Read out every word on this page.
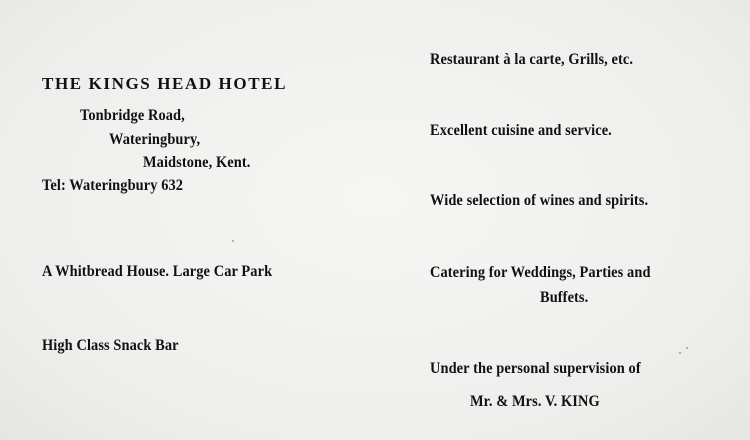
THE KINGS HEAD HOTEL
Tonbridge Road,
Wateringbury,
Maidstone, Kent.
Tel: Wateringbury 632
A Whitbread House. Large Car Park
High Class Snack Bar
Restaurant à la carte, Grills, etc.
Excellent cuisine and service.
Wide selection of wines and spirits.
Catering for Weddings, Parties and
Buffets.
Under the personal supervision of
Mr. & Mrs. V. KING
